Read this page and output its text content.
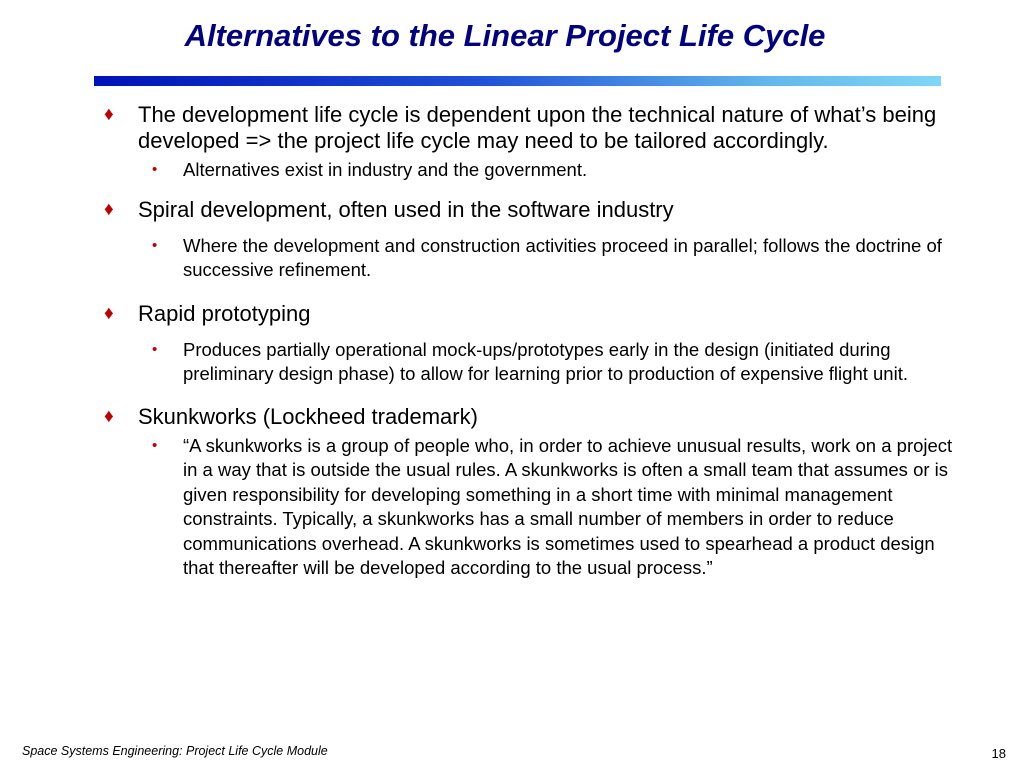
Alternatives to the Linear Project Life Cycle
♦ The development life cycle is dependent upon the technical nature of what’s being developed => the project life cycle may need to be tailored accordingly.
• Alternatives exist in industry and the government.
♦ Spiral development, often used in the software industry
• Where the development and construction activities proceed in parallel; follows the doctrine of successive refinement.
♦ Rapid prototyping
• Produces partially operational mock-ups/prototypes early in the design (initiated during preliminary design phase) to allow for learning prior to production of expensive flight unit.
♦ Skunkworks (Lockheed trademark)
• “A skunkworks is a group of people who, in order to achieve unusual results, work on a project in a way that is outside the usual rules. A skunkworks is often a small team that assumes or is given responsibility for developing something in a short time with minimal management constraints. Typically, a skunkworks has a small number of members in order to reduce communications overhead. A skunkworks is sometimes used to spearhead a product design that thereafter will be developed according to the usual process.”
Space Systems Engineering: Project Life Cycle Module	18
